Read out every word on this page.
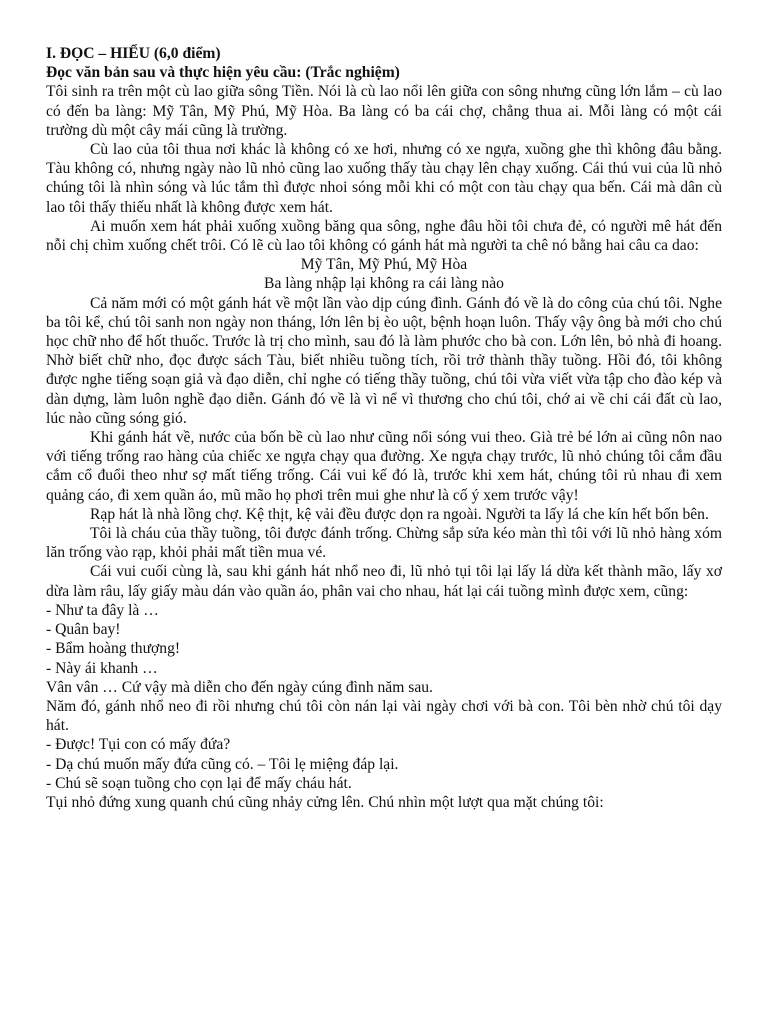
I. ĐỌC – HIỂU (6,0 điểm)

Đọc văn bản sau và thực hiện yêu cầu: (Trắc nghiệm)

Tôi sinh ra trên một cù lao giữa sông Tiền. Nói là cù lao nổi lên giữa con sông nhưng cũng lớn lắm – cù lao có đến ba làng: Mỹ Tân, Mỹ Phú, Mỹ Hòa. Ba làng có ba cái chợ, chẳng thua ai. Mỗi làng có một cái trường dù một cây mái cũng là trường.

Cù lao của tôi thua nơi khác là không có xe hơi, nhưng có xe ngựa, xuồng ghe thì không đâu bằng. Tàu không có, nhưng ngày nào lũ nhỏ cũng lao xuống thấy tàu chạy lên chạy xuống. Cái thú vui của lũ nhỏ chúng tôi là nhìn sóng và lúc tắm thì được nhoi sóng mỗi khi có một con tàu chạy qua bến. Cái mà dân cù lao tôi thấy thiếu nhất là không được xem hát.

Ai muốn xem hát phải xuống xuồng băng qua sông, nghe đâu hồi tôi chưa đẻ, có người mê hát đến nỗi chị chìm xuống chết trôi. Có lẽ cù lao tôi không có gánh hát mà người ta chê nó bằng hai câu ca dao:

Mỹ Tân, Mỹ Phú, Mỹ Hòa

Ba làng nhập lại không ra cái làng nào

Cả năm mới có một gánh hát về một lần vào dịp cúng đình. Gánh đó về là do công của chú tôi. Nghe ba tôi kể, chú tôi sanh non ngày non tháng, lớn lên bị èo uột, bệnh hoạn luôn. Thấy vậy ông bà mới cho chú học chữ nho để hốt thuốc. Trước là trị cho mình, sau đó là làm phước cho bà con. Lớn lên, bỏ nhà đi hoang. Nhờ biết chữ nho, đọc được sách Tàu, biết nhiều tuồng tích, rồi trở thành thầy tuồng. Hồi đó, tôi không được nghe tiếng soạn giả và đạo diễn, chỉ nghe có tiếng thầy tuồng, chú tôi vừa viết vừa tập cho đào kép và dàn dựng, làm luôn nghề đạo diễn. Gánh đó về là vì nể vì thương cho chú tôi, chớ ai về chi cái đất cù lao, lúc nào cũng sóng gió.

Khi gánh hát về, nước của bốn bề cù lao như cũng nổi sóng vui theo. Già trẻ bé lớn ai cũng nôn nao với tiếng trống rao hàng của chiếc xe ngựa chạy qua đường. Xe ngựa chạy trước, lũ nhỏ chúng tôi cắm đầu cắm cổ đuổi theo như sợ mất tiếng trống. Cái vui kế đó là, trước khi xem hát, chúng tôi rủ nhau đi xem quảng cáo, đi xem quần áo, mũ mão họ phơi trên mui ghe như là cố ý xem trước vậy!

Rạp hát là nhà lồng chợ. Kệ thịt, kệ vải đều được dọn ra ngoài. Người ta lấy lá che kín hết bốn bên.

Tôi là cháu của thầy tuồng, tôi được đánh trống. Chừng sắp sửa kéo màn thì tôi với lũ nhỏ hàng xóm lăn trống vào rạp, khỏi phải mất tiền mua vé.

Cái vui cuối cùng là, sau khi gánh hát nhổ neo đi, lũ nhỏ tụi tôi lại lấy lá dừa kết thành mão, lấy xơ dừa làm râu, lấy giấy màu dán vào quần áo, phân vai cho nhau, hát lại cái tuồng mình được xem, cũng:

- Như ta đây là …

- Quân bay!

- Bẩm hoàng thượng!

- Này ái khanh …

Vân vân … Cứ vậy mà diễn cho đến ngày cúng đình năm sau.

Năm đó, gánh nhổ neo đi rồi nhưng chú tôi còn nán lại vài ngày chơi với bà con. Tôi bèn nhờ chú tôi dạy hát.

- Được! Tụi con có mấy đứa?

- Dạ chú muốn mấy đứa cũng có. – Tôi lẹ miệng đáp lại.

- Chú sẽ soạn tuồng cho cọn lại để mấy cháu hát.

Tụi nhỏ đứng xung quanh chú cũng nhảy cửng lên. Chú nhìn một lượt qua mặt chúng tôi:
